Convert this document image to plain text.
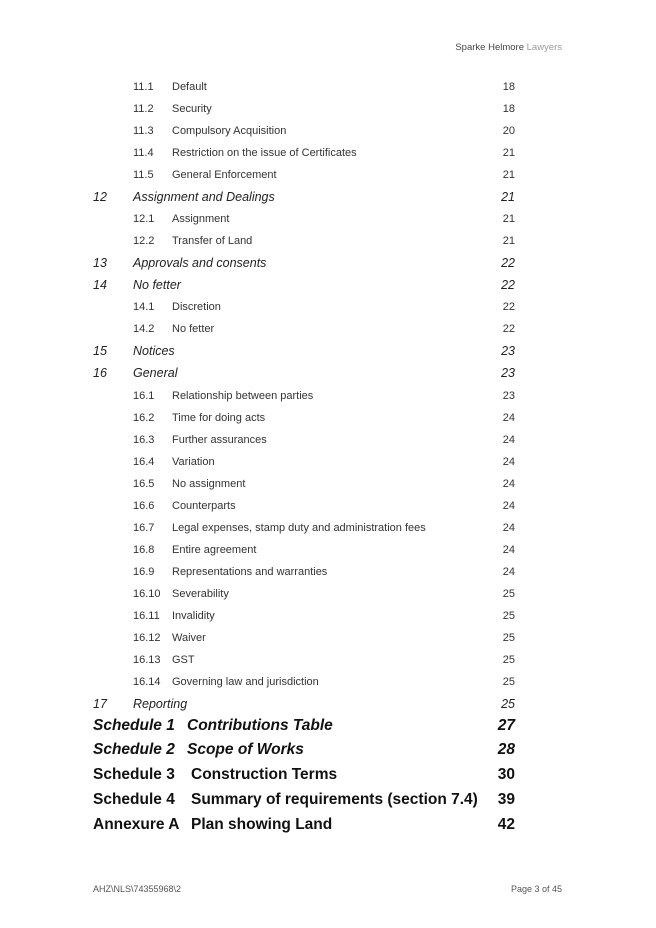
Sparke Helmore Lawyers
11.1 Default	18
11.2 Security	18
11.3 Compulsory Acquisition	20
11.4 Restriction on the issue of Certificates	21
11.5 General Enforcement	21
12 Assignment and Dealings	21
12.1 Assignment	21
12.2 Transfer of Land	21
13 Approvals and consents	22
14 No fetter	22
14.1 Discretion	22
14.2 No fetter	22
15 Notices	23
16 General	23
16.1 Relationship between parties	23
16.2 Time for doing acts	24
16.3 Further assurances	24
16.4 Variation	24
16.5 No assignment	24
16.6 Counterparts	24
16.7 Legal expenses, stamp duty and administration fees	24
16.8 Entire agreement	24
16.9 Representations and warranties	24
16.10 Severability	25
16.11 Invalidity	25
16.12 Waiver	25
16.13 GST	25
16.14 Governing law and jurisdiction	25
17 Reporting	25
Schedule 1 Contributions Table	27
Schedule 2 Scope of Works	28
Schedule 3 Construction Terms	30
Schedule 4 Summary of requirements (section 7.4) 39
Annexure A Plan showing Land	42
AHZ\NLS\74355968\2	Page 3 of 45
